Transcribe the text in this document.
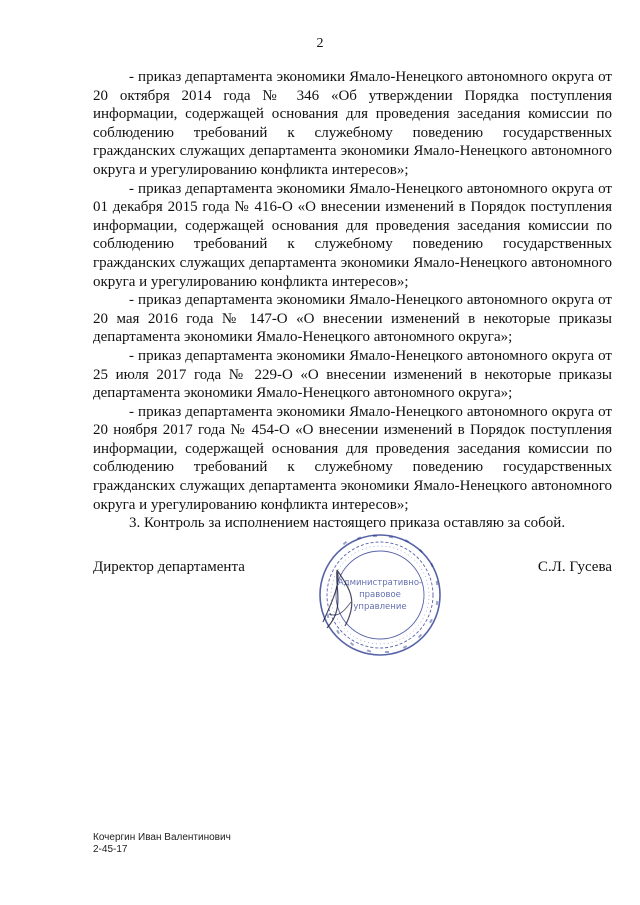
2

- приказ департамента экономики Ямало-Ненецкого автономного округа от 20 октября 2014 года № 346 «Об утверждении Порядка поступления информации, содержащей основания для проведения заседания комиссии по соблюдению требований к служебному поведению государственных гражданских служащих департамента экономики Ямало-Ненецкого автономного округа и урегулированию конфликта интересов»;

- приказ департамента экономики Ямало-Ненецкого автономного округа от 01 декабря 2015 года № 416-О «О внесении изменений в Порядок поступления информации, содержащей основания для проведения заседания комиссии по соблюдению требований к служебному поведению государственных гражданских служащих департамента экономики Ямало-Ненецкого автономного округа и урегулированию конфликта интересов»;

- приказ департамента экономики Ямало-Ненецкого автономного округа от 20 мая 2016 года № 147-О «О внесении изменений в некоторые приказы департамента экономики Ямало-Ненецкого автономного округа»;

- приказ департамента экономики Ямало-Ненецкого автономного округа от 25 июля 2017 года № 229-О «О внесении изменений в некоторые приказы департамента экономики Ямало-Ненецкого автономного округа»;

- приказ департамента экономики Ямало-Ненецкого автономного округа от 20 ноября 2017 года № 454-О «О внесении изменений в Порядок поступления информации, содержащей основания для проведения заседания комиссии по соблюдению требований к служебному поведению государственных гражданских служащих департамента экономики Ямало-Ненецкого автономного округа и урегулированию конфликта интересов»;

3. Контроль за исполнением настоящего приказа оставляю за собой.

Административно-
правовое
управление
Директор департамента	С.Л. Гусева
Кочергин Иван Валентинович
2-45-17
